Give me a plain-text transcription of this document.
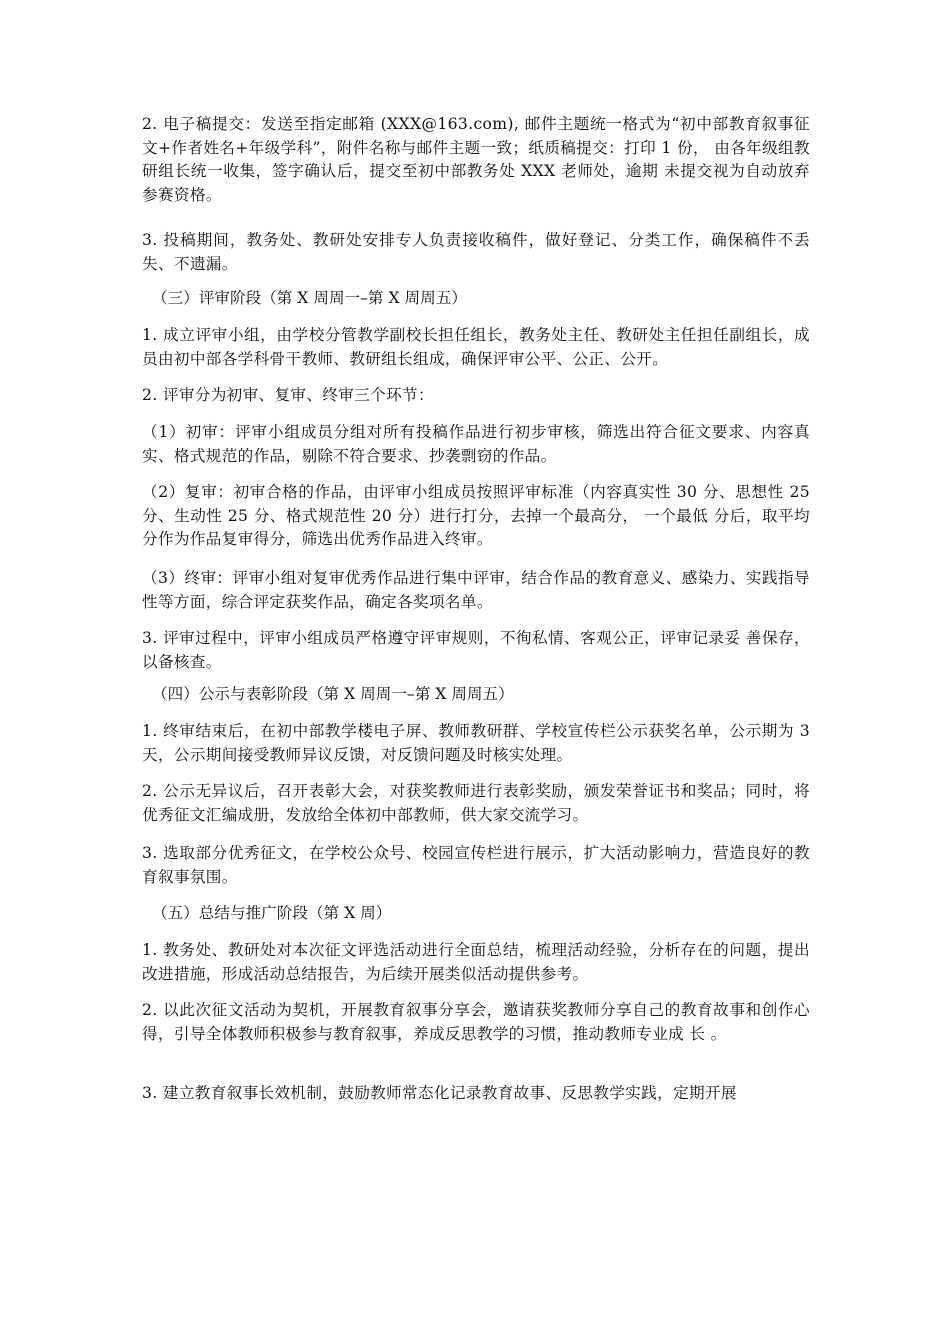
2. 电子稿提交：发送至指定邮箱 (XXX@163.com), 邮件主题统一格式为“初中部教育叙事征文+作者姓名+年级学科”，附件名称与邮件主题一致；纸质稿提交：打印 1 份， 由各年级组教研组长统一收集，签字确认后，提交至初中部教务处 XXX 老师处，逾期 未提交视为自动放弃参赛资格。

3. 投稿期间，教务处、教研处安排专人负责接收稿件，做好登记、分类工作，确保稿件不丢失、不遗漏。

（三）评审阶段（第 X 周周一–第 X 周周五）

1. 成立评审小组，由学校分管教学副校长担任组长，教务处主任、教研处主任担任副组长，成员由初中部各学科骨干教师、教研组长组成，确保评审公平、公正、公开。

2. 评审分为初审、复审、终审三个环节：

（1）初审：评审小组成员分组对所有投稿作品进行初步审核，筛选出符合征文要求、内容真实、格式规范的作品，剔除不符合要求、抄袭剽窃的作品。

（2）复审：初审合格的作品，由评审小组成员按照评审标准（内容真实性 30 分、思想性 25 分、生动性 25 分、格式规范性 20 分）进行打分，去掉一个最高分， 一个最低 分后，取平均分作为作品复审得分，筛选出优秀作品进入终审。

（3）终审：评审小组对复审优秀作品进行集中评审，结合作品的教育意义、感染力、实践指导性等方面，综合评定获奖作品，确定各奖项名单。

3. 评审过程中，评审小组成员严格遵守评审规则，不徇私情、客观公正，评审记录妥 善保存，以备核查。

（四）公示与表彰阶段（第 X 周周一–第 X 周周五）

1. 终审结束后，在初中部教学楼电子屏、教师教研群、学校宣传栏公示获奖名单，公示期为 3 天，公示期间接受教师异议反馈，对反馈问题及时核实处理。

2. 公示无异议后，召开表彰大会，对获奖教师进行表彰奖励，颁发荣誉证书和奖品；同时，将优秀征文汇编成册，发放给全体初中部教师，供大家交流学习。

3. 选取部分优秀征文，在学校公众号、校园宣传栏进行展示，扩大活动影响力，营造良好的教育叙事氛围。

（五）总结与推广阶段（第 X 周）

1. 教务处、教研处对本次征文评选活动进行全面总结，梳理活动经验，分析存在的问题，提出改进措施，形成活动总结报告，为后续开展类似活动提供参考。

2. 以此次征文活动为契机，开展教育叙事分享会，邀请获奖教师分享自己的教育故事和创作心得，引导全体教师积极参与教育叙事，养成反思教学的习惯，推动教师专业成 长 。

3. 建立教育叙事长效机制，鼓励教师常态化记录教育故事、反思教学实践，定期开展
